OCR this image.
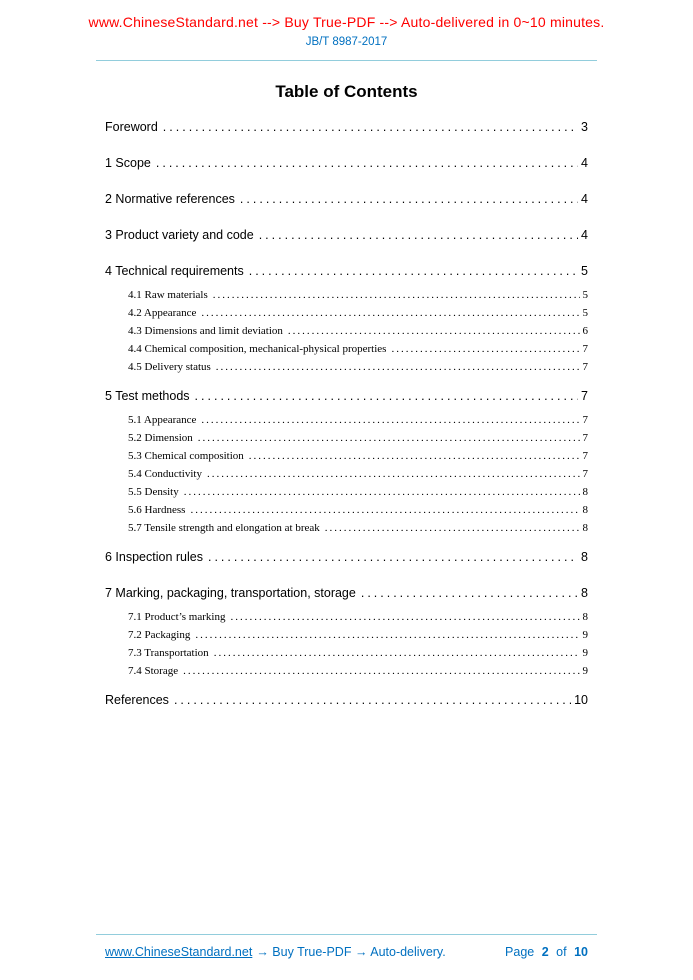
www.ChineseStandard.net --> Buy True-PDF --> Auto-delivered in 0~10 minutes.
JB/T 8987-2017
Table of Contents
Foreword .....	3
1 Scope .....	4
2 Normative references .....	4
3 Product variety and code .....	4
4 Technical requirements .....	5
4.1 Raw materials .....	5
4.2 Appearance .....	5
4.3 Dimensions and limit deviation .....	6
4.4 Chemical composition, mechanical-physical properties .....	7
4.5 Delivery status .....	7
5 Test methods .....	7
5.1 Appearance .....	7
5.2 Dimension .....	7
5.3 Chemical composition .....	7
5.4 Conductivity .....	7
5.5 Density .....	8
5.6 Hardness .....	8
5.7 Tensile strength and elongation at break .....	8
6 Inspection rules .....	8
7 Marking, packaging, transportation, storage .....	8
7.1 Product’s marking .....	8
7.2 Packaging .....	9
7.3 Transportation .....	9
7.4 Storage .....	9
References .....	10
www.ChineseStandard.net → Buy True-PDF → Auto-delivery.	Page 2 of 10
